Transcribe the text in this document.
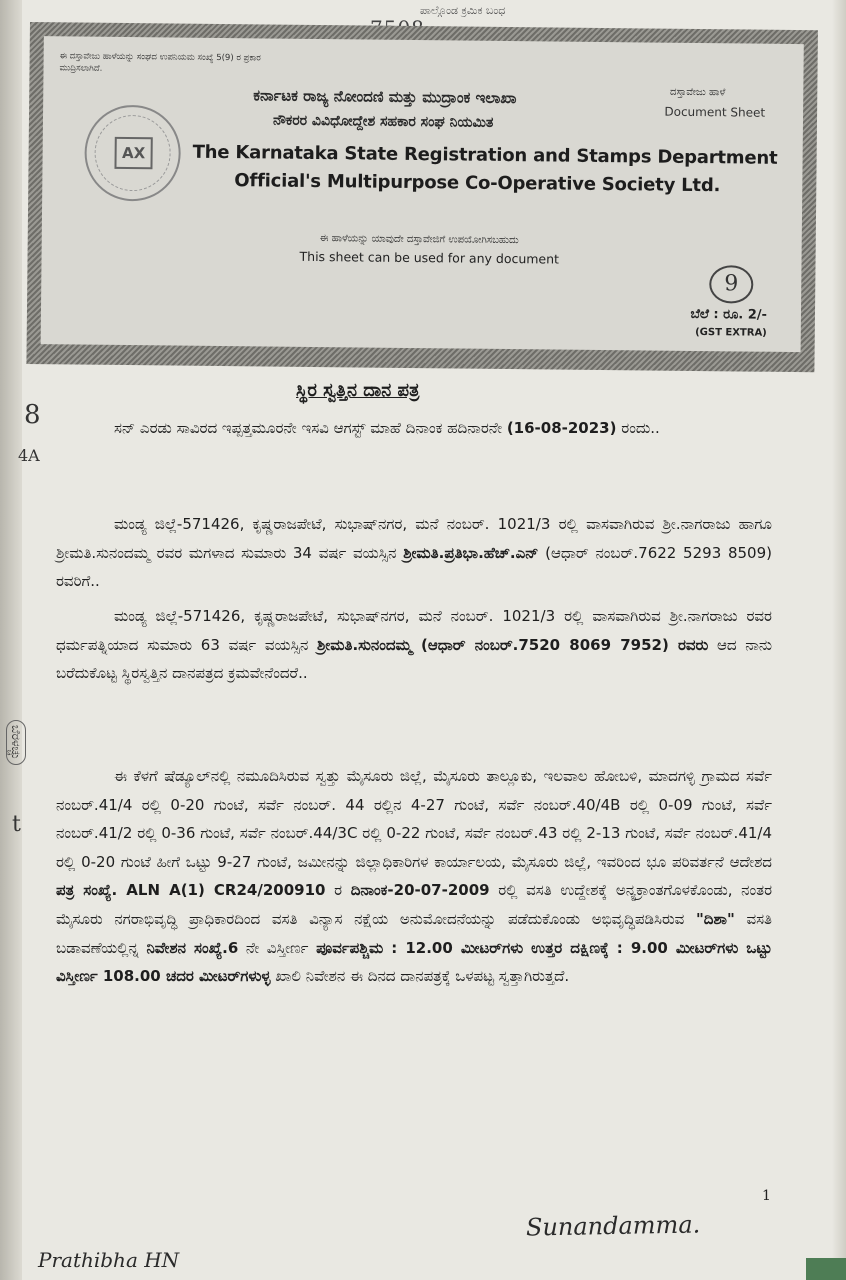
ಪಾಲ್ಗೊಂಡ ಕ್ರಮಿಕ ಬಂಧ
ಈ ದಸ್ತಾವೇಜು ಹಾಳೆಯನ್ನು ಸಂಘದ ಉಪನಿಯಮ ಸಂಖ್ಯೆ 5(9) ರ ಪ್ರಕಾರ ಮುದ್ರಿಸಲಾಗಿದೆ.
AX
ಕರ್ನಾಟಕ ರಾಜ್ಯ ನೋಂದಣಿ ಮತ್ತು ಮುದ್ರಾಂಕ ಇಲಾಖಾ
ನೌಕರರ ವಿವಿಧೋದ್ದೇಶ ಸಹಕಾರ ಸಂಘ ನಿಯಮಿತ
The Karnataka State Registration and Stamps Department
Official's Multipurpose Co-Operative Society Ltd.
ದಸ್ತಾವೇಜು ಹಾಳೆ
Document Sheet
ಈ ಹಾಳೆಯನ್ನು ಯಾವುದೇ ದಸ್ತಾವೇಜಿಗೆ ಉಪಯೋಗಿಸಬಹುದು
This sheet can be used for any document
9
ಬೆಲೆ : ರೂ. 2/-
(GST EXTRA)
8
4A
ಬೆರಳಚ್ಚು
t
ಸ್ಥಿರ ಸ್ವತ್ತಿನ ದಾನ ಪತ್ರ
ಸನ್ ಎರಡು ಸಾವಿರದ ಇಪ್ಪತ್ತಮೂರನೇ ಇಸವಿ ಆಗಸ್ಟ್ ಮಾಹೆ ದಿನಾಂಕ ಹದಿನಾರನೇ (16-08-2023) ರಂದು..
ಮಂಡ್ಯ ಜಿಲ್ಲೆ-571426, ಕೃಷ್ಣರಾಜಪೇಟೆ, ಸುಭಾಷ್‌ನಗರ, ಮನೆ ನಂಬರ್. 1021/3 ರಲ್ಲಿ ವಾಸವಾಗಿರುವ ಶ್ರೀ.ನಾಗರಾಜು ಹಾಗೂ ಶ್ರೀಮತಿ.ಸುನಂದಮ್ಮ ರವರ ಮಗಳಾದ ಸುಮಾರು 34 ವರ್ಷ ವಯಸ್ಸಿನ ಶ್ರೀಮತಿ.ಪ್ರತಿಭಾ.ಹೆಚ್.ಎನ್ (ಆಧಾರ್ ನಂಬರ್.7622 5293 8509) ರವರಿಗೆ..
ಮಂಡ್ಯ ಜಿಲ್ಲೆ-571426, ಕೃಷ್ಣರಾಜಪೇಟೆ, ಸುಭಾಷ್‌ನಗರ, ಮನೆ ನಂಬರ್. 1021/3 ರಲ್ಲಿ ವಾಸವಾಗಿರುವ ಶ್ರೀ.ನಾಗರಾಜು ರವರ ಧರ್ಮಪತ್ನಿಯಾದ ಸುಮಾರು 63 ವರ್ಷ ವಯಸ್ಸಿನ ಶ್ರೀಮತಿ.ಸುನಂದಮ್ಮ (ಆಧಾರ್ ನಂಬರ್.7520 8069 7952) ರವರು ಆದ ನಾನು ಬರೆದುಕೊಟ್ಟ ಸ್ಥಿರಸ್ವತ್ತಿನ ದಾನಪತ್ರದ ಕ್ರಮವೇನೆಂದರೆ..
ಈ ಕೆಳಗೆ ಷೆಡ್ಯೂಲ್‌ನಲ್ಲಿ ನಮೂದಿಸಿರುವ ಸ್ವತ್ತು ಮೈಸೂರು ಜಿಲ್ಲೆ, ಮೈಸೂರು ತಾಲ್ಲೂಕು, ಇಲವಾಲ ಹೋಬಳಿ, ಮಾದಗಳ್ಳಿ ಗ್ರಾಮದ ಸರ್ವೆ ನಂಬರ್.41/4 ರಲ್ಲಿ 0-20 ಗುಂಟೆ, ಸರ್ವೆ ನಂಬರ್. 44 ರಲ್ಲಿನ 4-27 ಗುಂಟೆ, ಸರ್ವೆ ನಂಬರ್.40/4B ರಲ್ಲಿ 0-09 ಗುಂಟೆ, ಸರ್ವೆ ನಂಬರ್.41/2 ರಲ್ಲಿ 0-36 ಗುಂಟೆ, ಸರ್ವೆ ನಂಬರ್.44/3C ರಲ್ಲಿ 0-22 ಗುಂಟೆ, ಸರ್ವೆ ನಂಬರ್.43 ರಲ್ಲಿ 2-13 ಗುಂಟೆ, ಸರ್ವೆ ನಂಬರ್.41/4 ರಲ್ಲಿ 0-20 ಗುಂಟೆ ಹೀಗೆ ಒಟ್ಟು 9-27 ಗುಂಟೆ, ಜಮೀನನ್ನು ಜಿಲ್ಲಾಧಿಕಾರಿಗಳ ಕಾರ್ಯಾಲಯ, ಮೈಸೂರು ಜಿಲ್ಲೆ, ಇವರಿಂದ ಭೂ ಪರಿವರ್ತನೆ ಆದೇಶದ ಪತ್ರ ಸಂಖ್ಯೆ. ALN A(1) CR24/200910 ರ ದಿನಾಂಕ-20-07-2009 ರಲ್ಲಿ ವಸತಿ ಉದ್ದೇಶಕ್ಕೆ ಅನ್ಯಕ್ರಾಂತಗೊಳಕೊಂಡು, ನಂತರ ಮೈಸೂರು ನಗರಾಭಿವೃದ್ಧಿ ಪ್ರಾಧಿಕಾರದಿಂದ ವಸತಿ ವಿನ್ಯಾಸ ನಕ್ಷೆಯ ಅನುಮೋದನೆಯನ್ನು ಪಡೆದುಕೊಂಡು ಅಭಿವೃದ್ಧಿಪಡಿಸಿರುವ "ದಿಶಾ" ವಸತಿ ಬಡಾವಣೆಯಲ್ಲಿನ್ನ ನಿವೇಶನ ಸಂಖ್ಯೆ.6 ನೇ ವಿಸ್ತೀರ್ಣ ಪೂರ್ವಪಶ್ಚಿಮ : 12.00 ಮೀಟರ್‌ಗಳು ಉತ್ತರ ದಕ್ಷಿಣಕ್ಕೆ : 9.00 ಮೀಟರ್‌ಗಳು ಒಟ್ಟು ವಿಸ್ತೀರ್ಣ 108.00 ಚದರ ಮೀಟರ್‌ಗಳುಳ್ಳ ಖಾಲಿ ನಿವೇಶನ ಈ ದಿನದ ದಾನಪತ್ರಕ್ಕೆ ಒಳಪಟ್ಟ ಸ್ವತ್ತಾಗಿರುತ್ತದೆ.
1
Sunandamma.
Prathibha HN
